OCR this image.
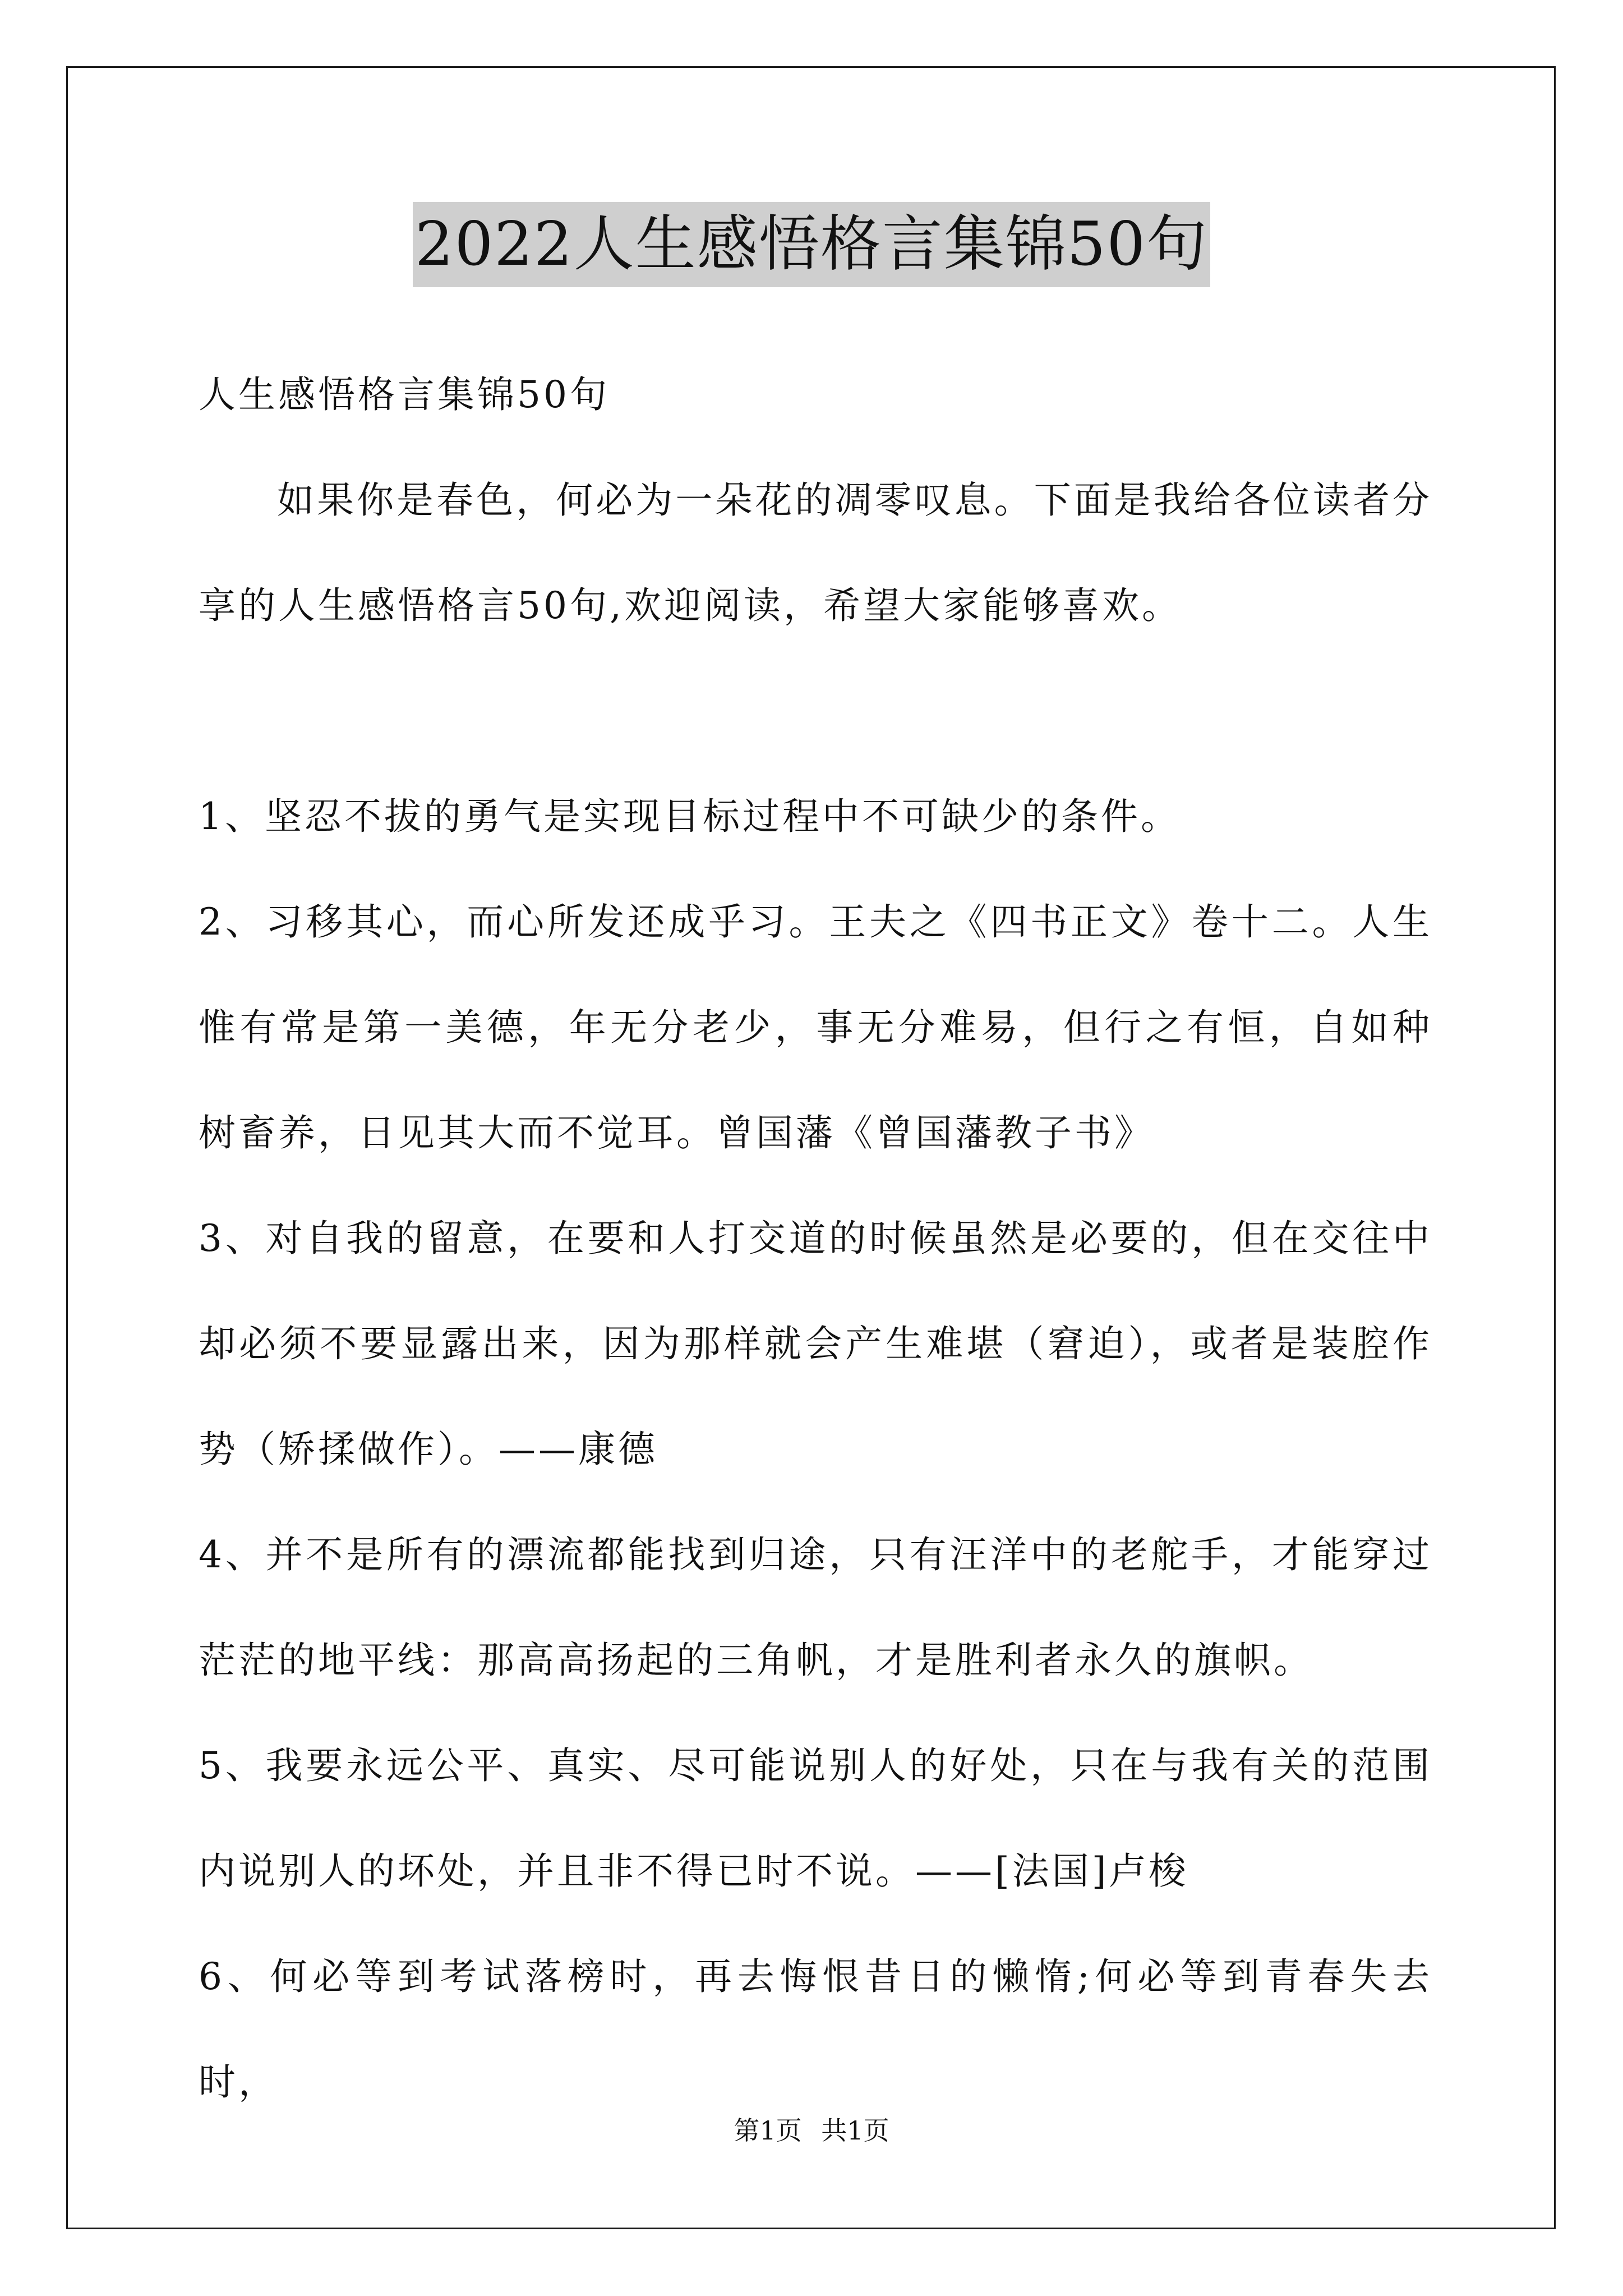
2022人生感悟格言集锦50句

人生感悟格言集锦50句

如果你是春色，何必为一朵花的凋零叹息。下面是我给各位读者分享的人生感悟格言50句,欢迎阅读，希望大家能够喜欢。

1、坚忍不拔的勇气是实现目标过程中不可缺少的条件。

2、习移其心，而心所发还成乎习。王夫之《四书正文》卷十二。人生惟有常是第一美德，年无分老少，事无分难易，但行之有恒，自如种树畜养，日见其大而不觉耳。曾国藩《曾国藩教子书》

3、对自我的留意，在要和人打交道的时候虽然是必要的，但在交往中却必须不要显露出来，因为那样就会产生难堪（窘迫），或者是装腔作势（矫揉做作）。——康德

4、并不是所有的漂流都能找到归途，只有汪洋中的老舵手，才能穿过茫茫的地平线：那高高扬起的三角帆，才是胜利者永久的旗帜。

5、我要永远公平、真实、尽可能说别人的好处，只在与我有关的范围内说别人的坏处，并且非不得已时不说。——[法国]卢梭

6、何必等到考试落榜时，再去悔恨昔日的懒惰;何必等到青春失去时，

第1页 共1页
